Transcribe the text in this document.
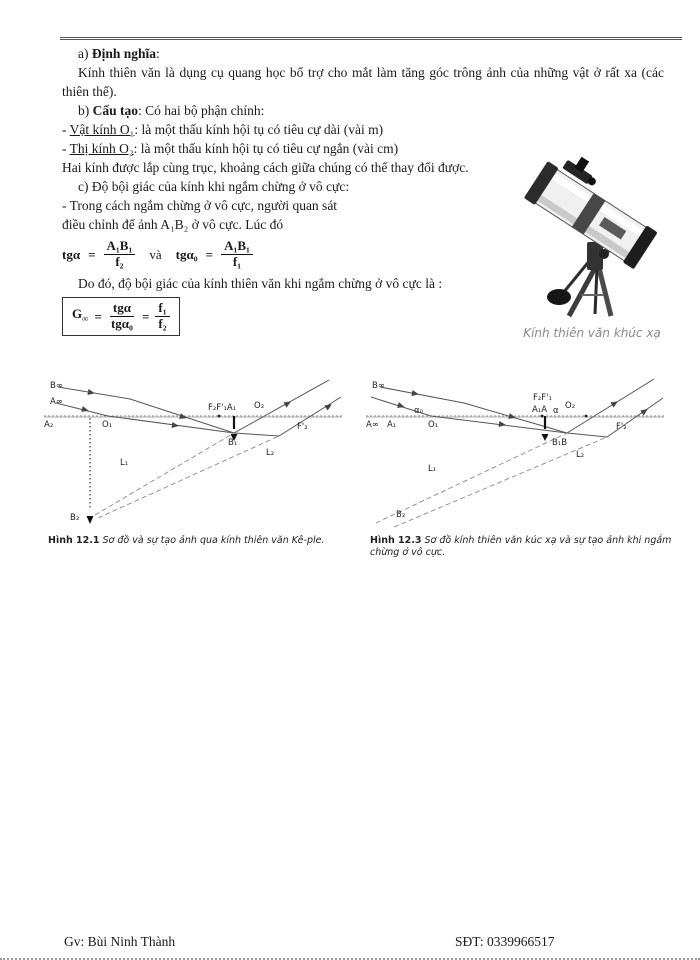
a) Định nghĩa:

Kính thiên văn là dụng cụ quang học bổ trợ cho mắt làm tăng góc trông ảnh của những vật ở rất xa (các thiên thể).

b) Cấu tạo: Có hai bộ phận chính:

- Vật kính O₁: là một thấu kính hội tụ có tiêu cự dài (vài m)

- Thị kính O₂: là một thấu kính hội tụ có tiêu cự ngắn (vài cm)

Hai kính được lắp cùng trục, khoảng cách giữa chúng có thể thay đổi được.

c) Độ bội giác của kính khi ngắm chừng ở vô cực:

- Trong cách ngắm chừng ở vô cực, người quan sát

điều chỉnh để ảnh A₁B₂ ở vô cực. Lúc đó

$tg\alpha = \frac{\text{A₁B₁}}{\text{f₂}}$ và $tg\alpha_0 = \frac{\text{A₁B₁}}{\text{f₁}}$

Do đó, độ bội giác của kính thiên văn khi ngắm chừng ở vô cực là :

$G_\infty = \frac{\text{tgα}}{\text{tgα₀}} = \frac{\text{f₁}}{\text{f₂}}$
Kính thiên văn khúc xạ
B∞
A∞
A₂	O₁
F₂F'₁A₁ O₂
F'₂
B₁
L₁
L₂
B₂
Hình 12.1 Sơ đồ và sự tạo ảnh qua kính thiên văn Kê-ple.
B∞
A∞ A₁
α₀
O₁
F₂F'₁
A₁A α O₂
F'₂
B₁B
L₁
L₂
B₂
Hình 12.3 Sơ đồ kính thiên văn kúc xạ và sự tạo ảnh khi ngắm chừng ở vô cực.
Gv: Bùi Ninh Thành	SĐT: 0339966517
